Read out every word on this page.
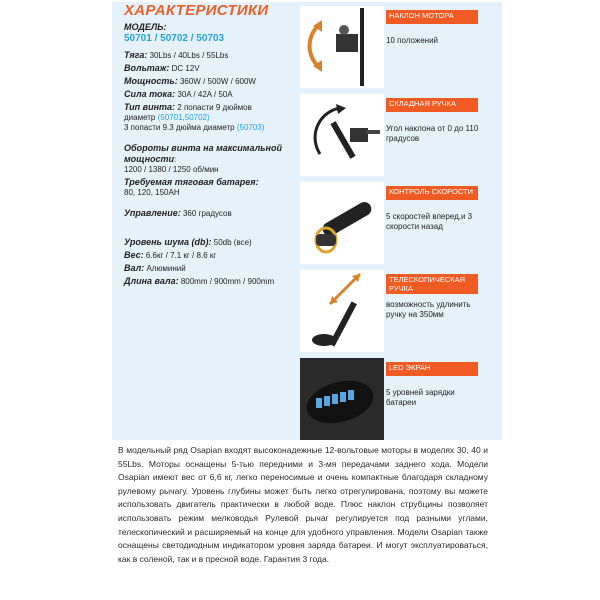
ХАРАКТЕРИСТИКИ
МОДЕЛЬ:
50701 / 50702 / 50703
Тяга: 30Lbs / 40Lbs / 55Lbs
Вольтаж: DC 12V
Мощность: 360W / 500W / 600W
Сила тока: 30A / 42A / 50A
Тип винта: 2 попасти 9 дюймов
диаметр (50701,50702)
3 попасти 9.3 дюйма диаметр (50703)
Обороты винта на максимальной мощности:
1200 / 1380 / 1250 об/мин
Требуемая тяговая батарея:
80, 120, 150AH
Управление: 360 градусов
Уровень шума (db): 50db (все)
Вес: 6.6кг / 7.1 кг / 8.6 кг
Вал: Алюминий
Длина вала: 800mm / 900mm / 900mm
НАКЛОН МОТОРА
10 положений
СКЛАДНАЯ РУЧКА
Угол наклона от 0 до 110 градусов
КОНТРОЛЬ СКОРОСТИ
5 скоростей вперед,и 3 скорости назад
ТЕЛЕСКОПИЧЕСКАЯ РУЧКА
возможность удлинить ручку на 350мм
LED ЭКРАН
5 уровней зарядки батареи
В модельный ряд Osapian входят высоконадежные 12-вольтовые моторы в моделях 30, 40 и 55Lbs. Моторы оснащены 5-тью передними и 3-мя передачами заднего хода. Модели Osapian имеют вес от 6,6 кг, легко переносимые и очень компактные благодаря складному рулевому рычагу. Уровень глубины может быть легко отрегулирована, поэтому вы можете использовать двигатель практически в любой воде. Плюс наклон струбцины позволяет использовать режим мелководья Рулевой рычаг регулируется под разными углами, телескопический и расширяемый на конце для удобного управления. Модели Osapian также оснащены светодиодным индикатором уровня заряда батареи. И могут эксплуатироваться, как в соленой, так и в пресной воде. Гарантия 3 года.
